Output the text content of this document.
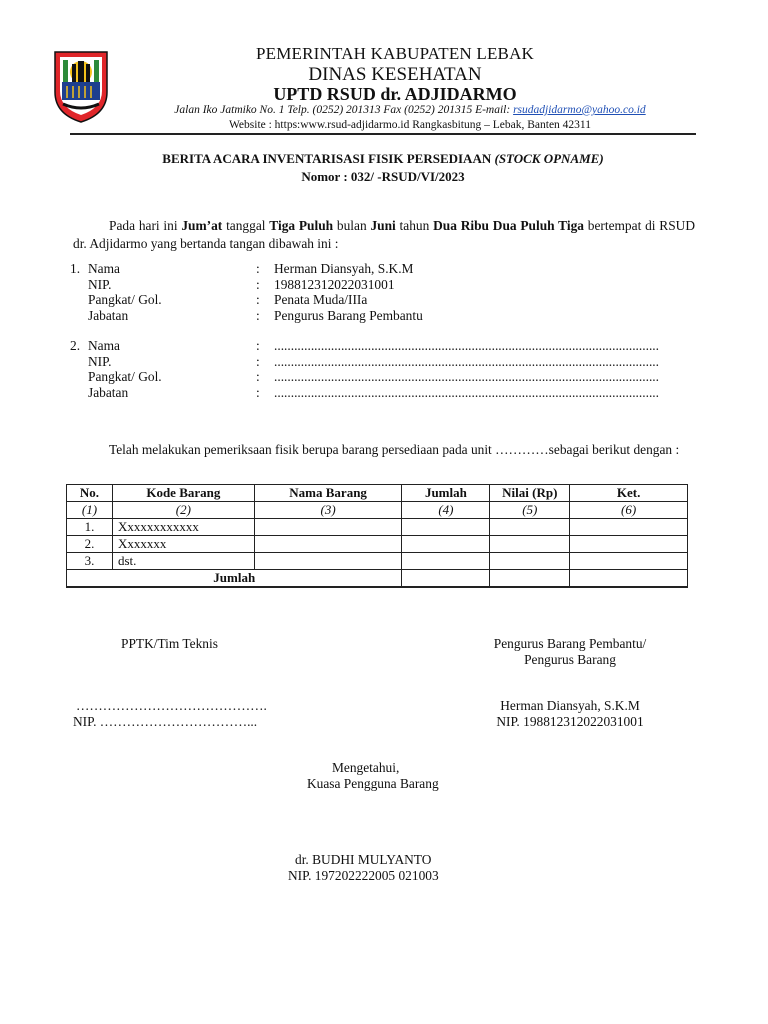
PEMERINTAH KABUPATEN LEBAK
DINAS KESEHATAN
UPTD RSUD dr. ADJIDARMO
Jalan Iko Jatmiko No. 1 Telp. (0252) 201313 Fax (0252) 201315 E-mail: rsudadjidarmo@yahoo.co.id
Website : https:www.rsud-adjidarmo.id Rangkasbitung – Lebak, Banten 42311
BERITA ACARA INVENTARISASI FISIK PERSEDIAAN (STOCK OPNAME)
Nomor : 032/ -RSUD/VI/2023
Pada hari ini Jum’at tanggal Tiga Puluh bulan Juni tahun Dua Ribu Dua Puluh Tiga bertempat di RSUD dr. Adjidarmo yang bertanda tangan dibawah ini :
1. Nama	: Herman Diansyah, S.K.M
NIP.	: 198812312022031001
Pangkat/ Gol.	: Penata Muda/IIIa
Jabatan	: Pengurus Barang Pembantu
2. Nama	: ...................................................................................................................
NIP.	: ...................................................................................................................
Pangkat/ Gol.	: ...................................................................................................................
Jabatan	: ...................................................................................................................
Telah melakukan pemeriksaan fisik berupa barang persediaan pada unit …………sebagai berikut dengan :
No.	Kode Barang	Nama Barang	Jumlah	Nilai (Rp)	Ket.
(1)	(2)	(3)	(4)	(5)	(6)
1.	Xxxxxxxxxxxx				
2.	Xxxxxxx				
3.	dst.				
Jumlah					
PPTK/Tim Teknis	Pengurus Barang Pembantu/
Pengurus Barang
…………………………………….
NIP. ……………………………...
Herman Diansyah, S.K.M
NIP. 198812312022031001
Mengetahui,
Kuasa Pengguna Barang
dr. BUDHI MULYANTO
NIP. 197202222005 021003
